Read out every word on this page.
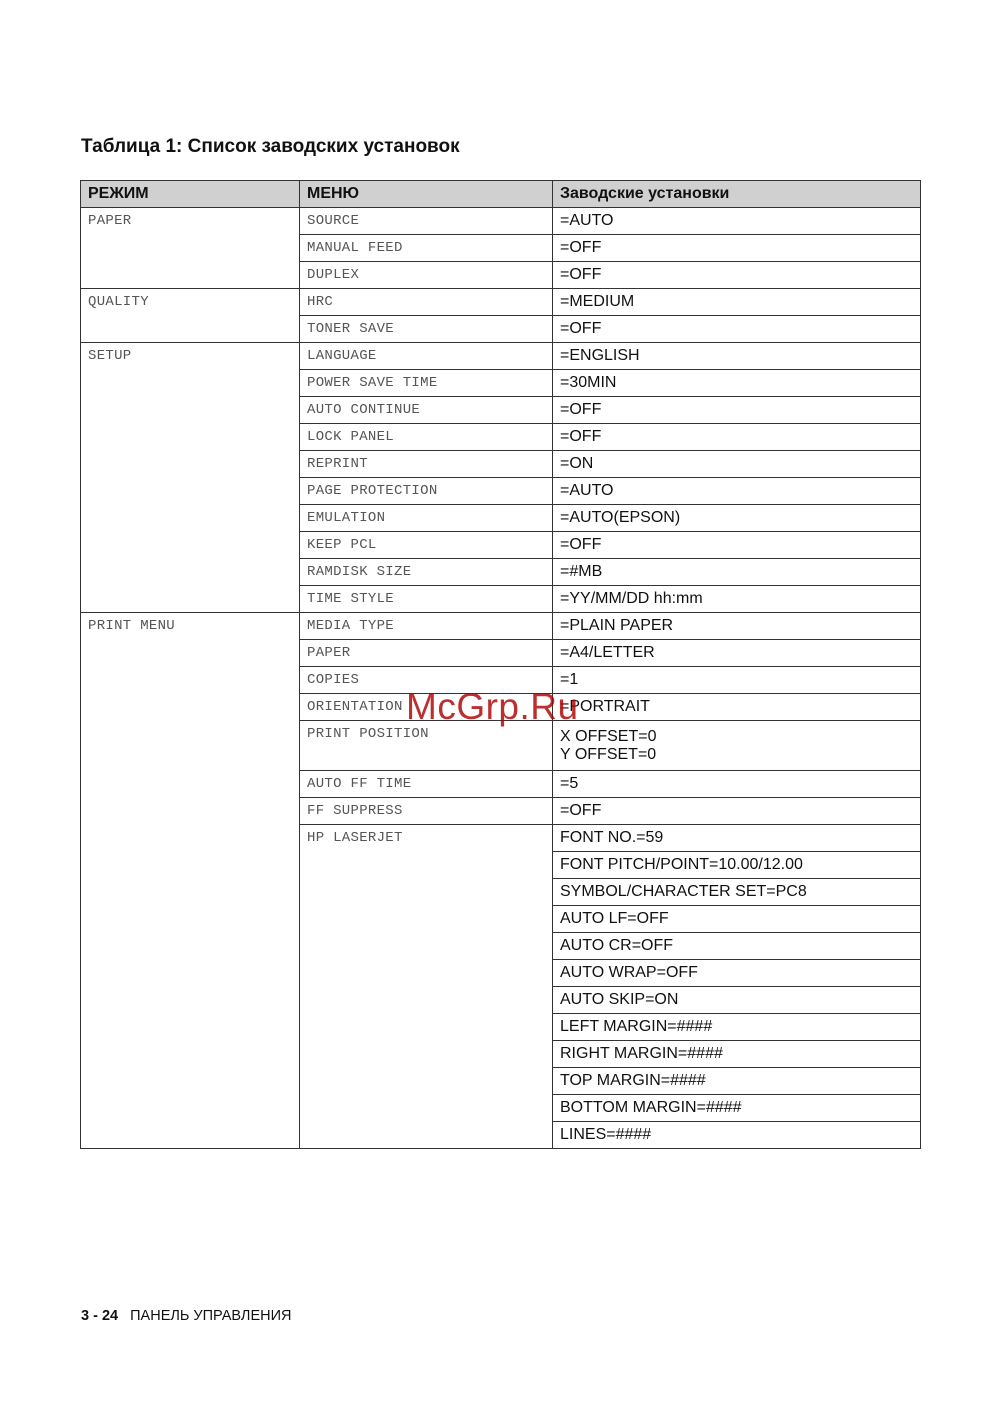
Таблица 1: Список заводских установок
РЕЖИМ	МЕНЮ	Заводские установки
PAPER	SOURCE	=AUTO

	MANUAL FEED	=OFF

	DUPLEX	=OFF

QUALITY	HRC	=MEDIUM

	TONER SAVE	=OFF

SETUP	LANGUAGE	=ENGLISH

	POWER SAVE TIME	=30MIN

	AUTO CONTINUE	=OFF

	LOCK PANEL	=OFF

	REPRINT	=ON

	PAGE PROTECTION	=AUTO

	EMULATION	=AUTO(EPSON)

	KEEP PCL	=OFF

	RAMDISK SIZE	=#MB

	TIME STYLE	=YY/MM/DD hh:mm

PRINT MENU	MEDIA TYPE	=PLAIN PAPER

	PAPER	=A4/LETTER

	COPIES	=1

	ORIENTATION	=PORTRAIT

	PRINT POSITION	X OFFSET=0
Y OFFSET=0

	AUTO FF TIME	=5

	FF SUPPRESS	=OFF

	HP LASERJET	FONT NO.=59
		FONT PITCH/POINT=10.00/12.00
		SYMBOL/CHARACTER SET=PC8
		AUTO LF=OFF
		AUTO CR=OFF
		AUTO WRAP=OFF
		AUTO SKIP=ON
		LEFT MARGIN=####
		RIGHT MARGIN=####
		TOP MARGIN=####
		BOTTOM MARGIN=####
		LINES=####
McGrp.Ru
3 - 24 ПАНЕЛЬ УПРАВЛЕНИЯ
